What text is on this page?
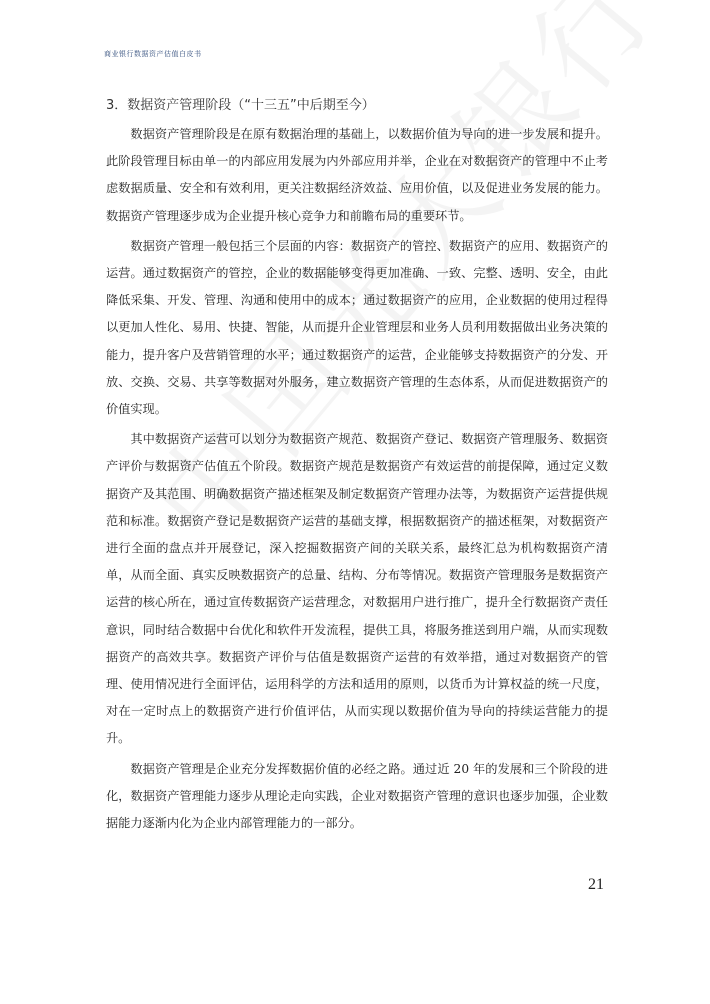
商业银行数据资产估值白皮书
3．数据资产管理阶段（“十三五”中后期至今）

数据资产管理阶段是在原有数据治理的基础上，以数据价值为导向的进一步发展和提升。此阶段管理目标由单一的内部应用发展为内外部应用并举，企业在对数据资产的管理中不止考虑数据质量、安全和有效利用，更关注数据经济效益、应用价值，以及促进业务发展的能力。数据资产管理逐步成为企业提升核心竞争力和前瞻布局的重要环节。

数据资产管理一般包括三个层面的内容：数据资产的管控、数据资产的应用、数据资产的运营。通过数据资产的管控，企业的数据能够变得更加准确、一致、完整、透明、安全，由此降低采集、开发、管理、沟通和使用中的成本；通过数据资产的应用，企业数据的使用过程得以更加人性化、易用、快捷、智能，从而提升企业管理层和业务人员利用数据做出业务决策的能力，提升客户及营销管理的水平；通过数据资产的运营，企业能够支持数据资产的分发、开放、交换、交易、共享等数据对外服务，建立数据资产管理的生态体系，从而促进数据资产的价值实现。

其中数据资产运营可以划分为数据资产规范、数据资产登记、数据资产管理服务、数据资产评价与数据资产估值五个阶段。数据资产规范是数据资产有效运营的前提保障，通过定义数据资产及其范围、明确数据资产描述框架及制定数据资产管理办法等，为数据资产运营提供规范和标准。数据资产登记是数据资产运营的基础支撑，根据数据资产的描述框架，对数据资产进行全面的盘点并开展登记，深入挖掘数据资产间的关联关系，最终汇总为机构数据资产清单，从而全面、真实反映数据资产的总量、结构、分布等情况。数据资产管理服务是数据资产运营的核心所在，通过宣传数据资产运营理念，对数据用户进行推广，提升全行数据资产责任意识，同时结合数据中台优化和软件开发流程，提供工具，将服务推送到用户端，从而实现数据资产的高效共享。数据资产评价与估值是数据资产运营的有效举措，通过对数据资产的管理、使用情况进行全面评估，运用科学的方法和适用的原则，以货币为计算权益的统一尺度，对在一定时点上的数据资产进行价值评估，从而实现以数据价值为导向的持续运营能力的提升。

数据资产管理是企业充分发挥数据价值的必经之路。通过近 20 年的发展和三个阶段的进化，数据资产管理能力逐步从理论走向实践，企业对数据资产管理的意识也逐步加强，企业数据能力逐渐内化为企业内部管理能力的一部分。

21
